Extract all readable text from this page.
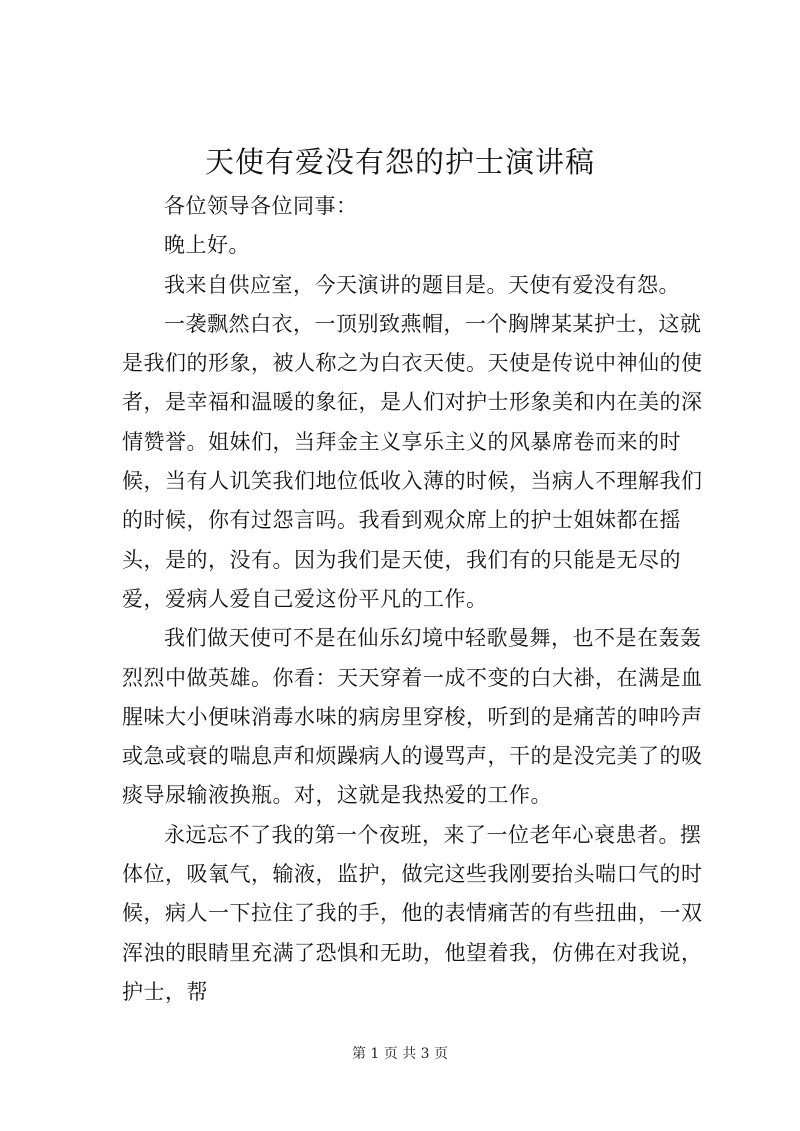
天使有爱没有怨的护士演讲稿

各位领导各位同事：

晚上好。

我来自供应室，今天演讲的题目是。天使有爱没有怨。

一袭飘然白衣，一顶别致燕帽，一个胸牌某某护士，这就是我们的形象，被人称之为白衣天使。天使是传说中神仙的使者，是幸福和温暖的象征，是人们对护士形象美和内在美的深情赞誉。姐妹们，当拜金主义享乐主义的风暴席卷而来的时候，当有人讥笑我们地位低收入薄的时候，当病人不理解我们的时候，你有过怨言吗。我看到观众席上的护士姐妹都在摇头，是的，没有。因为我们是天使，我们有的只能是无尽的爱，爱病人爱自己爱这份平凡的工作。

我们做天使可不是在仙乐幻境中轻歌曼舞，也不是在轰轰烈烈中做英雄。你看：天天穿着一成不变的白大褂，在满是血腥味大小便味消毒水味的病房里穿梭，听到的是痛苦的呻吟声或急或衰的喘息声和烦躁病人的谩骂声，干的是没完美了的吸痰导尿输液换瓶。对，这就是我热爱的工作。

永远忘不了我的第一个夜班，来了一位老年心衰患者。摆体位，吸氧气，输液，监护，做完这些我刚要抬头喘口气的时候，病人一下拉住了我的手，他的表情痛苦的有些扭曲，一双浑浊的眼睛里充满了恐惧和无助，他望着我，仿佛在对我说，护士，帮

第 1 页 共 3 页
